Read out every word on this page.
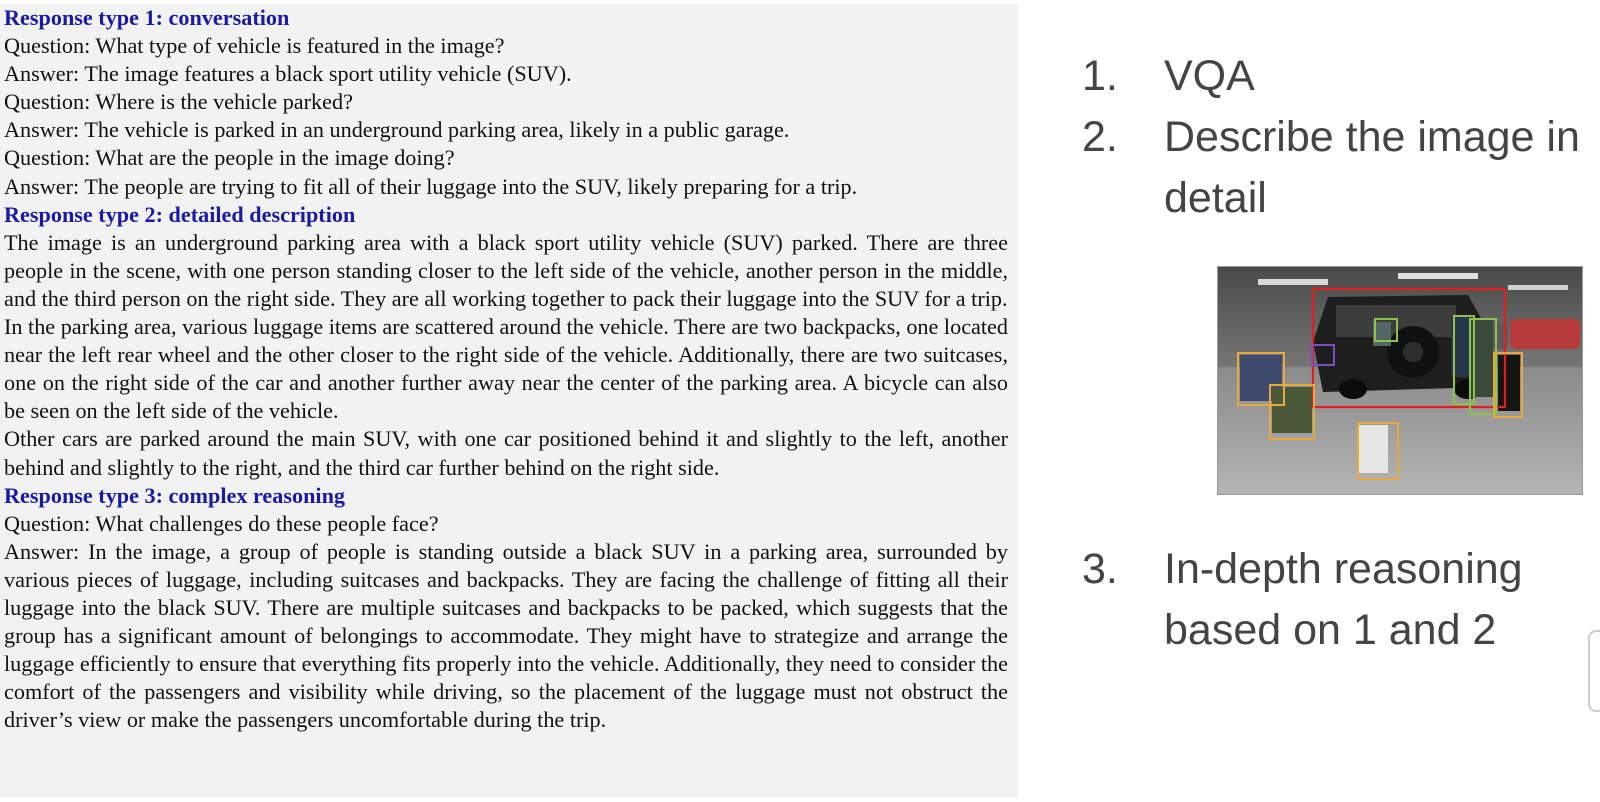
Response type 1: conversation
Question: What type of vehicle is featured in the image?
Answer: The image features a black sport utility vehicle (SUV).
Question: Where is the vehicle parked?
Answer: The vehicle is parked in an underground parking area, likely in a public garage.
Question: What are the people in the image doing?
Answer: The people are trying to fit all of their luggage into the SUV, likely preparing for a trip.
Response type 2: detailed description
The image is an underground parking area with a black sport utility vehicle (SUV) parked. There are three people in the scene, with one person standing closer to the left side of the vehicle, another person in the middle, and the third person on the right side. They are all working together to pack their luggage into the SUV for a trip.
In the parking area, various luggage items are scattered around the vehicle. There are two backpacks, one located near the left rear wheel and the other closer to the right side of the vehicle. Additionally, there are two suitcases, one on the right side of the car and another further away near the center of the parking area. A bicycle can also be seen on the left side of the vehicle.
Other cars are parked around the main SUV, with one car positioned behind it and slightly to the left, another behind and slightly to the right, and the third car further behind on the right side.
Response type 3: complex reasoning
Question: What challenges do these people face?
Answer: In the image, a group of people is standing outside a black SUV in a parking area, surrounded by various pieces of luggage, including suitcases and backpacks. They are facing the challenge of fitting all their luggage into the black SUV. There are multiple suitcases and backpacks to be packed, which suggests that the group has a significant amount of belongings to accommodate. They might have to strategize and arrange the luggage efficiently to ensure that everything fits properly into the vehicle. Additionally, they need to consider the comfort of the passengers and visibility while driving, so the placement of the luggage must not obstruct the driver’s view or make the passengers uncomfortable during the trip.
1. VQA
2. Describe the image in
detail
3. In-depth reasoning
based on 1 and 2
